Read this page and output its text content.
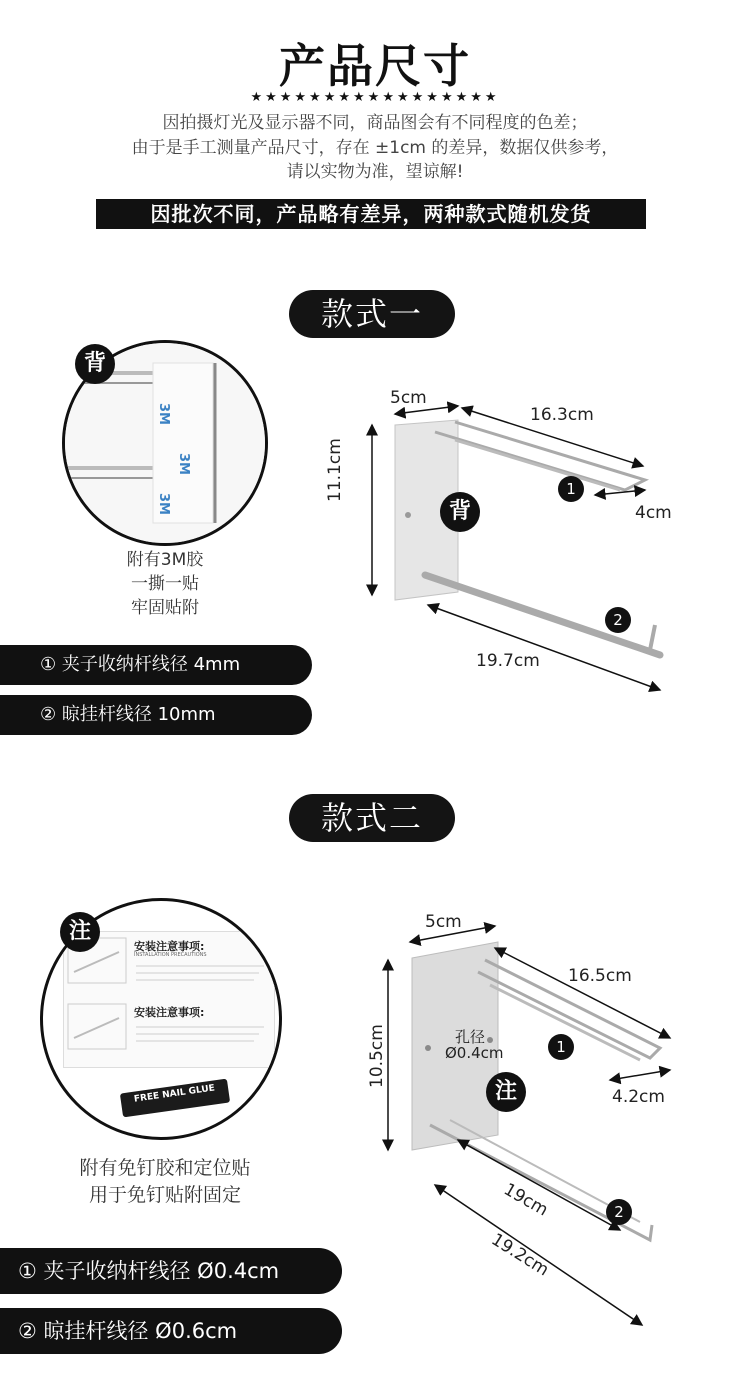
产品尺寸
★★★★★★★★★★★★★★★★★
因拍摄灯光及显示器不同，商品图会有不同程度的色差；
由于是手工测量产品尺寸，存在 ±1cm 的差异，数据仅供参考，
请以实物为准，望谅解!
因批次不同，产品略有差异，两种款式随机发货
款式一
3M
3M
3M
背
附有3M胶
一撕一贴
牢固贴附
5cm
16.3cm
11.1cm
4cm
19.7cm
背
1
2
① 夹子收纳杆线径 4mm
② 晾挂杆线径 10mm
款式二
安装注意事项:
INSTALLATION PRECAUTIONS
安装注意事项:
FREE NAIL GLUE
注
附有免钉胶和定位贴
用于免钉贴附固定
5cm
16.5cm
10.5cm	孔径
Ø0.4cm
4.2cm
19cm
19.2cm
注
1
2
① 夹子收纳杆线径 Ø0.4cm
② 晾挂杆线径 Ø0.6cm
